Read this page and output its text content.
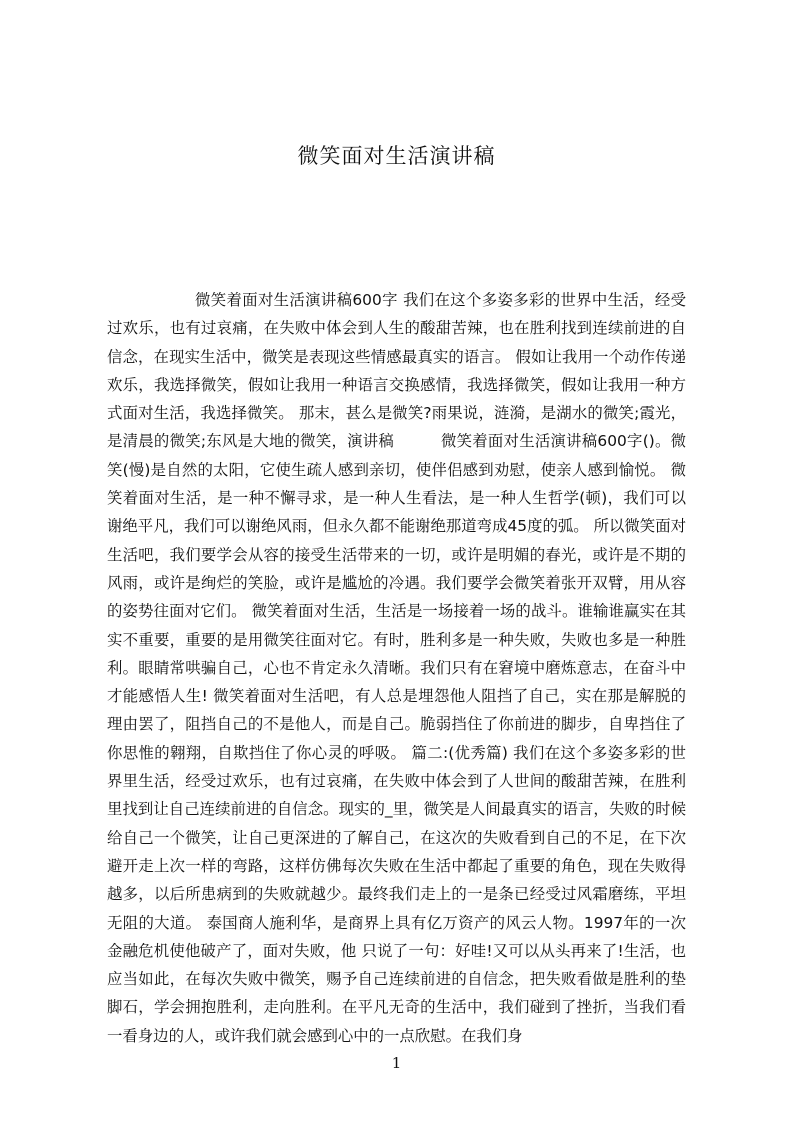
微笑面对生活演讲稿
微笑着面对生活演讲稿600字 我们在这个多姿多彩的世界中生活，经受过欢乐，也有过哀痛，在失败中体会到人生的酸甜苦辣，也在胜利找到连续前进的自信念，在现实生活中，微笑是表现这些情感最真实的语言。 假如让我用一个动作传递欢乐，我选择微笑，假如让我用一种语言交换感情，我选择微笑，假如让我用一种方式面对生活，我选择微笑。 那末，甚么是微笑?雨果说，涟漪，是湖水的微笑;霞光，是清晨的微笑;东风是大地的微笑，演讲稿　　　微笑着面对生活演讲稿600字()。微笑(慢)是自然的太阳，它使生疏人感到亲切，使伴侣感到劝慰，使亲人感到愉悦。 微笑着面对生活，是一种不懈寻求，是一种人生看法，是一种人生哲学(顿)，我们可以谢绝平凡，我们可以谢绝风雨，但永久都不能谢绝那道弯成45度的弧。 所以微笑面对生活吧，我们要学会从容的接受生活带来的一切，或许是明媚的春光，或许是不期的风雨，或许是绚烂的笑脸，或许是尴尬的冷遇。我们要学会微笑着张开双臂，用从容的姿势往面对它们。 微笑着面对生活，生活是一场接着一场的战斗。谁输谁赢实在其实不重要，重要的是用微笑往面对它。有时，胜利多是一种失败，失败也多是一种胜利。眼睛常哄骗自己，心也不肯定永久清晰。我们只有在窘境中磨炼意志，在奋斗中才能感悟人生! 微笑着面对生活吧，有人总是埋怨他人阻挡了自己，实在那是解脱的理由罢了，阻挡自己的不是他人，而是自己。脆弱挡住了你前进的脚步，自卑挡住了你思惟的翱翔，自欺挡住了你心灵的呼吸。 篇二:(优秀篇) 我们在这个多姿多彩的世界里生活，经受过欢乐，也有过哀痛，在失败中体会到了人世间的酸甜苦辣，在胜利里找到让自己连续前进的自信念。现实的_里，微笑是人间最真实的语言，失败的时候给自己一个微笑，让自己更深进的了解自己，在这次的失败看到自己的不足，在下次避开走上次一样的弯路，这样仿佛每次失败在生活中都起了重要的角色，现在失败得越多，以后所患病到的失败就越少。最终我们走上的一是条已经受过风霜磨练，平坦无阻的大道。 泰国商人施利华，是商界上具有亿万资产的风云人物。1997年的一次金融危机使他破产了，面对失败，他 只说了一句：好哇!又可以从头再来了!生活，也应当如此，在每次失败中微笑，赐予自己连续前进的自信念，把失败看做是胜利的垫脚石，学会拥抱胜利，走向胜利。在平凡无奇的生活中，我们碰到了挫折，当我们看一看身边的人，或许我们就会感到心中的一点欣慰。在我们身
1
